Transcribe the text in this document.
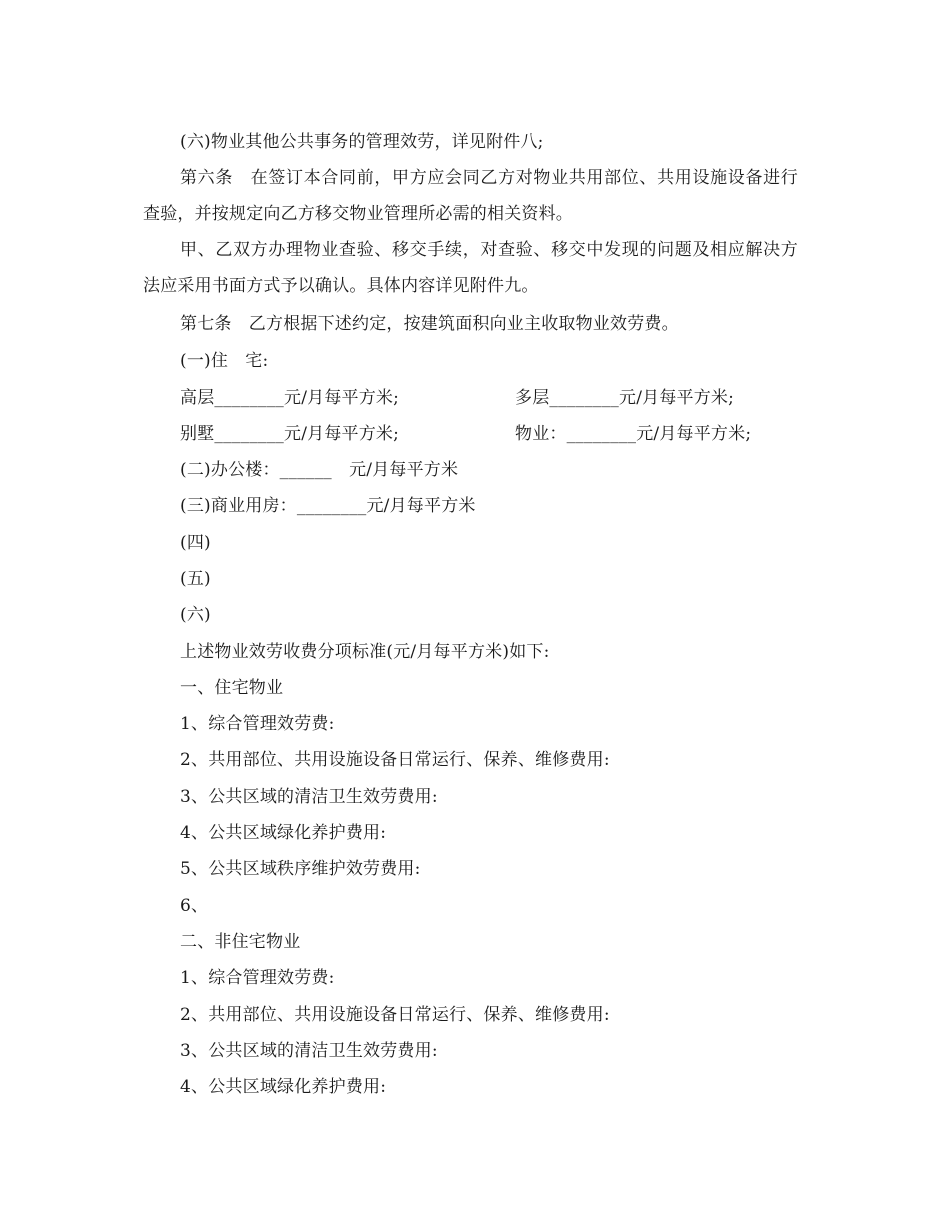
(六)物业其他公共事务的管理效劳，详见附件八;
第六条　在签订本合同前，甲方应会同乙方对物业共用部位、共用设施设备进行查验，并按规定向乙方移交物业管理所必需的相关资料。
甲、乙双方办理物业查验、移交手续，对查验、移交中发现的问题及相应解决方法应采用书面方式予以确认。具体内容详见附件九。
第七条　乙方根据下述约定，按建筑面积向业主收取物业效劳费。
(一)住　宅:
高层________元/月每平方米;	多层________元/月每平方米;
别墅________元/月每平方米;	物业：________元/月每平方米;
(二)办公楼：______　元/月每平方米
(三)商业用房：________元/月每平方米
(四)
(五)
(六)
上述物业效劳收费分项标准(元/月每平方米)如下:
一、住宅物业
1、综合管理效劳费:
2、共用部位、共用设施设备日常运行、保养、维修费用:
3、公共区域的清洁卫生效劳费用:
4、公共区域绿化养护费用:
5、公共区域秩序维护效劳费用:
6、
二、非住宅物业
1、综合管理效劳费:
2、共用部位、共用设施设备日常运行、保养、维修费用:
3、公共区域的清洁卫生效劳费用:
4、公共区域绿化养护费用:
